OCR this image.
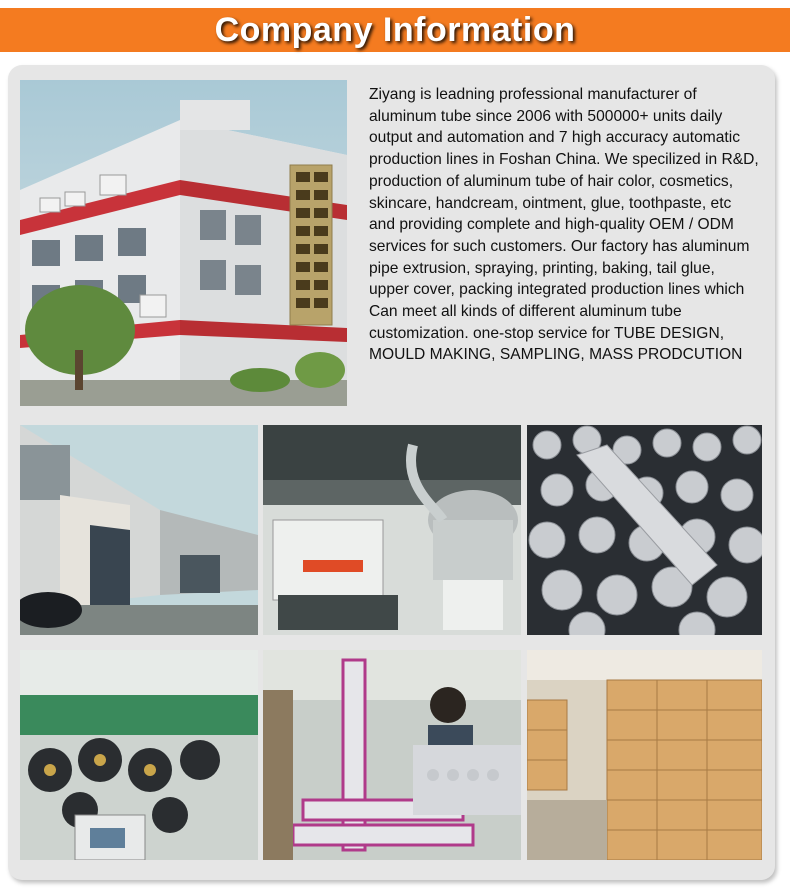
Company Information

Ziyang is leadning professional manufacturer of aluminum tube since 2006 with 500000+ units daily output and automation and 7 high accuracy automatic production lines in Foshan China. We specilized in R&D, production of aluminum tube of hair color, cosmetics, skincare, handcream, ointment, glue, toothpaste, etc and providing complete and high-quality OEM / ODM services for such customers. Our factory has aluminum pipe extrusion, spraying, printing, baking, tail glue, upper cover, packing integrated production lines which Can meet all kinds of different aluminum tube customization. one-stop service for TUBE DESIGN, MOULD MAKING, SAMPLING, MASS PRODCUTION
